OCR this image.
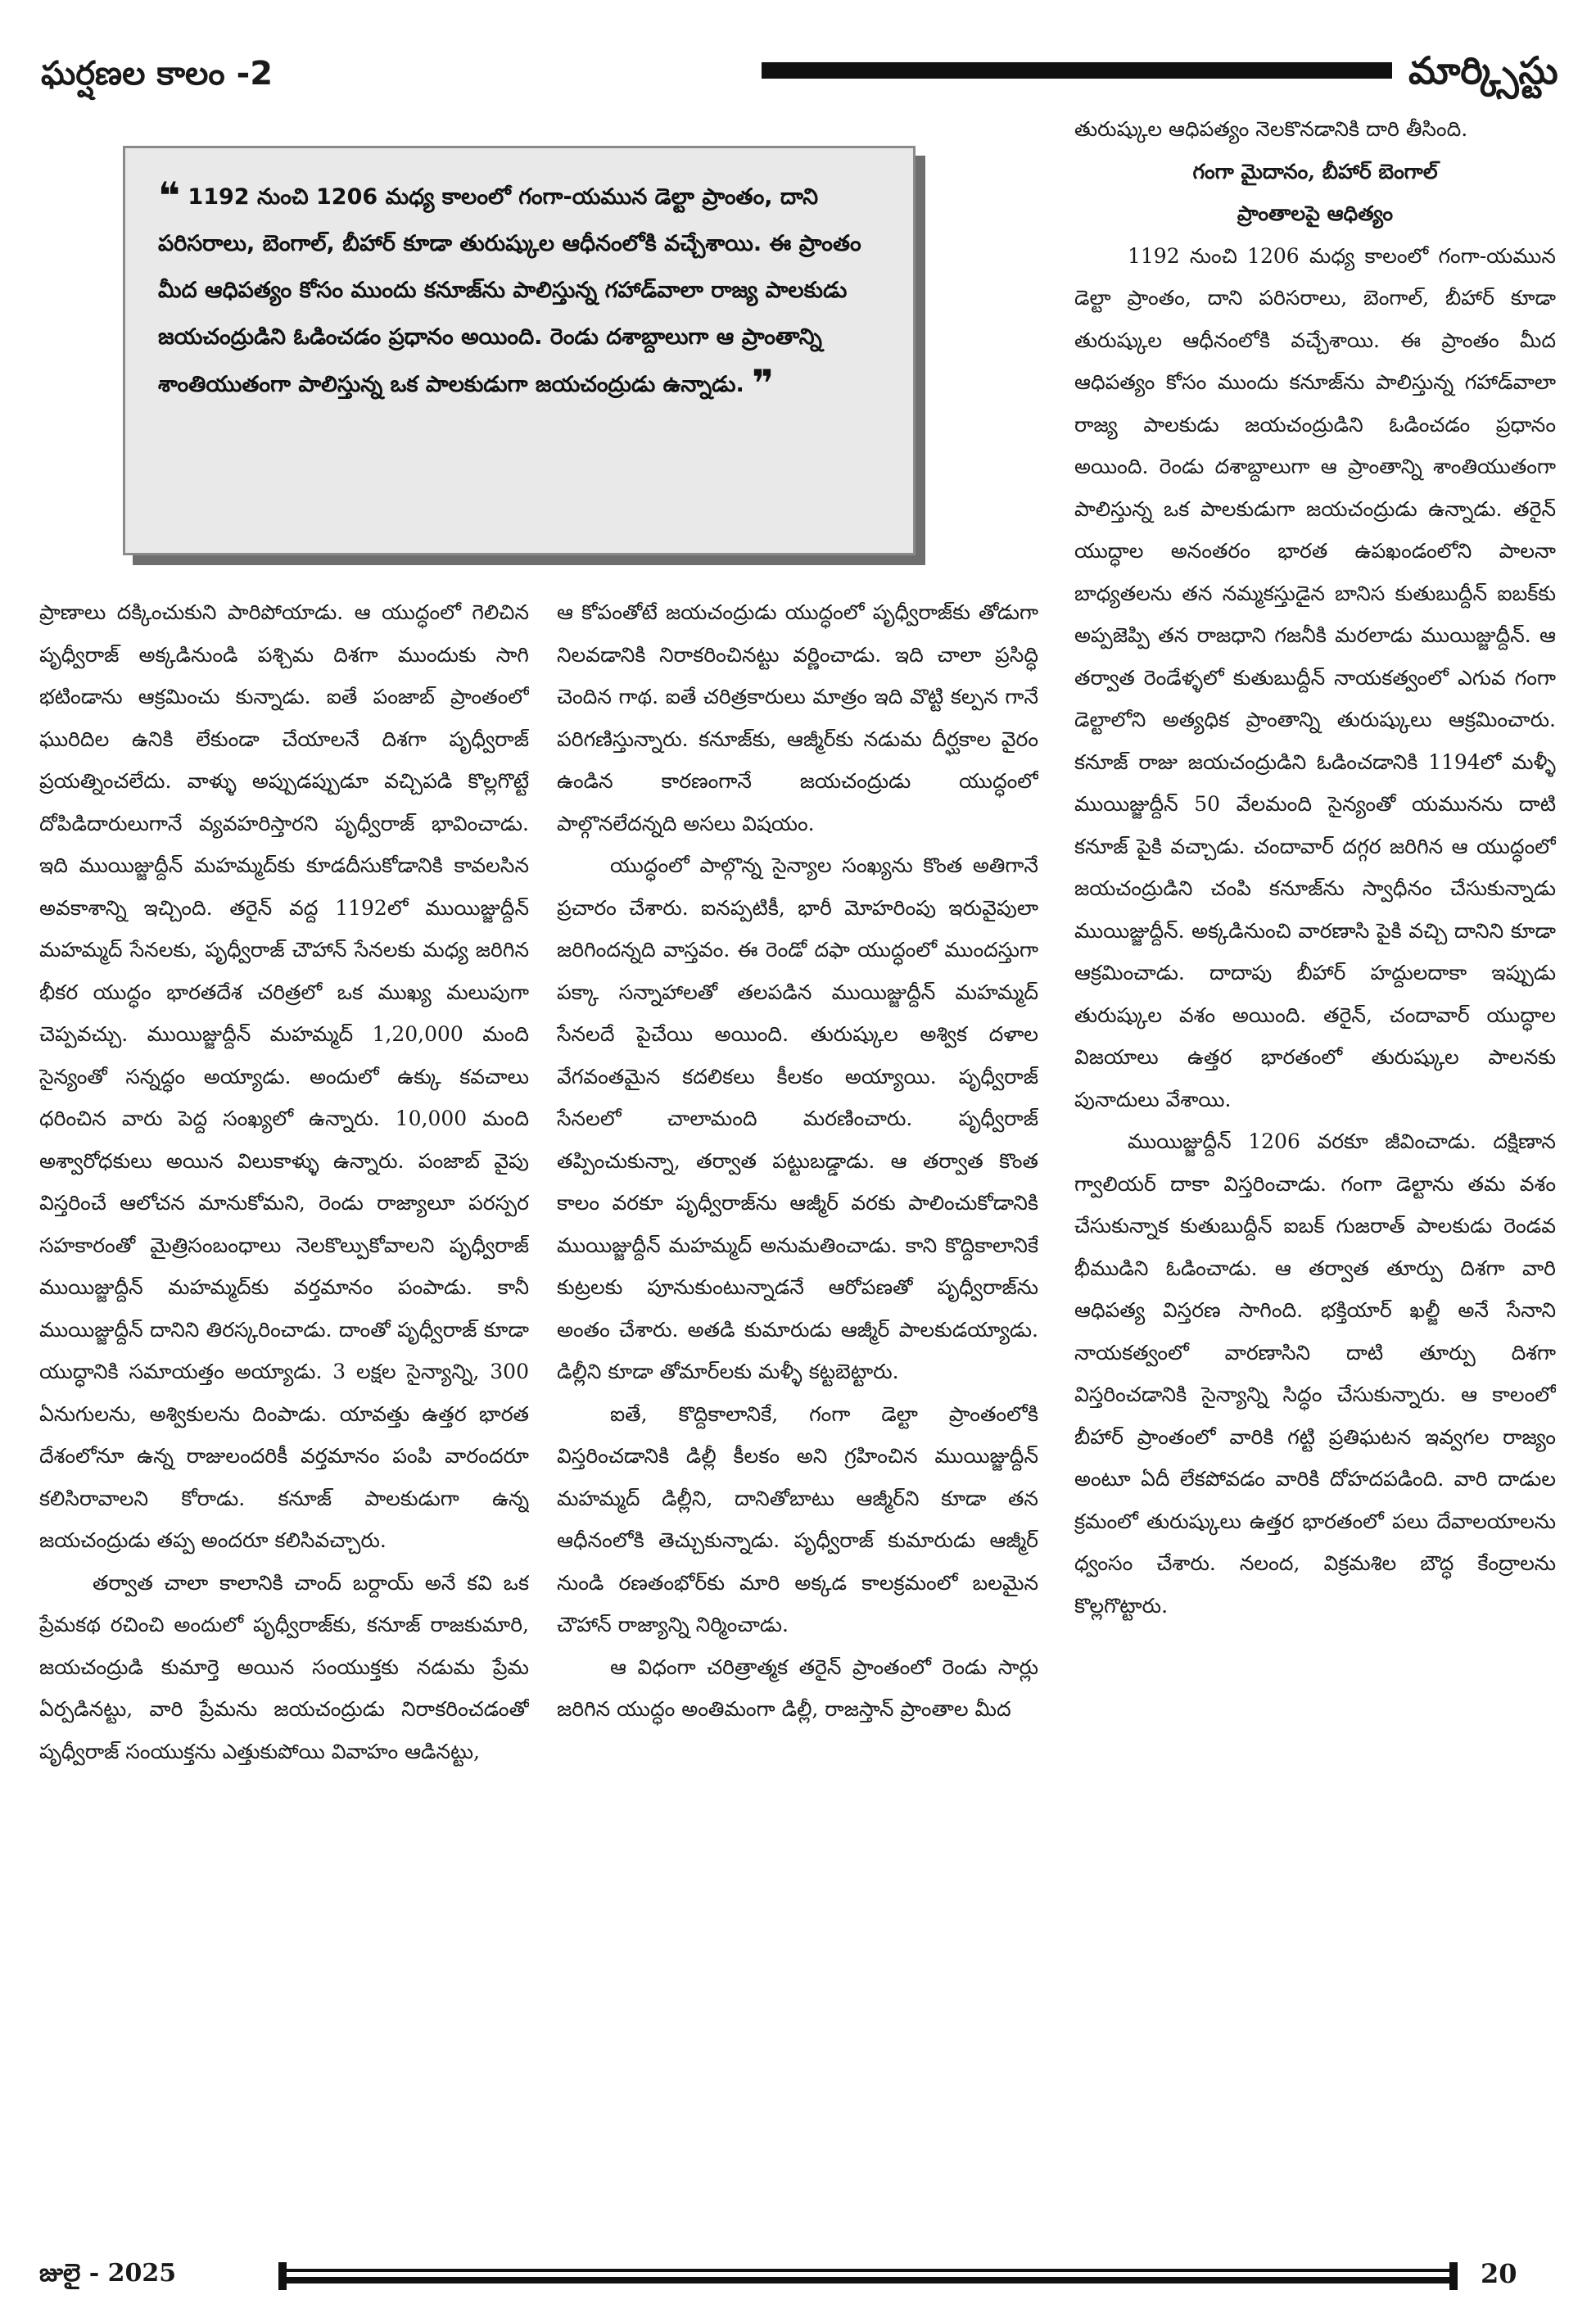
ఘర్షణల కాలం -2	మార్క్సిస్టు
❝ 1192 నుంచి 1206 మధ్య కాలంలో గంగా-యమున డెల్టా ప్రాంతం, దాని పరిసరాలు, బెంగాల్, బీహార్ కూడా తురుష్కుల ఆధీనంలోకి వచ్చేశాయి. ఈ ప్రాంతం మీద ఆధిపత్యం కోసం ముందు కనూజ్‌ను పాలిస్తున్న గహాడ్‌వాలా రాజ్య పాలకుడు జయచంద్రుడిని ఓడించడం ప్రధానం అయింది. రెండు దశాబ్దాలుగా ఆ ప్రాంతాన్ని శాంతియుతంగా పాలిస్తున్న ఒక పాలకుడుగా జయచంద్రుడు ఉన్నాడు. ❞

ప్రాణాలు దక్కించుకుని పారిపోయాడు. ఆ యుద్ధంలో గెలిచిన పృధ్వీరాజ్ అక్కడినుండి పశ్చిమ దిశగా ముందుకు సాగి భటిండాను ఆక్రమించు కున్నాడు. ఐతే పంజాబ్ ప్రాంతంలో ఘురిదిల ఉనికి లేకుండా చేయాలనే దిశగా పృధ్వీరాజ్ ప్రయత్నించలేదు. వాళ్ళు అప్పుడప్పుడూ వచ్చిపడి కొల్లగొట్టే దోపిడిదారులుగానే వ్యవహరిస్తారని పృధ్వీరాజ్ భావించాడు. ఇది ముయిజ్జుద్దీన్ మహమ్మద్‌కు కూడదీసుకోడానికి కావలసిన అవకాశాన్ని ఇచ్చింది. తరైన్ వద్ద 1192లో ముయిజ్జుద్దీన్ మహమ్మద్ సేనలకు, పృధ్వీరాజ్ చౌహాన్ సేనలకు మధ్య జరిగిన భీకర యుద్ధం భారతదేశ చరిత్రలో ఒక ముఖ్య మలుపుగా చెప్పవచ్చు. ముయిజ్జుద్దీన్ మహమ్మద్ 1,20,000 మంది సైన్యంతో సన్నద్ధం అయ్యాడు. అందులో ఉక్కు కవచాలు ధరించిన వారు పెద్ద సంఖ్యలో ఉన్నారు. 10,000 మంది అశ్వారోధకులు అయిన విలుకాళ్ళు ఉన్నారు. పంజాబ్ వైపు విస్తరించే ఆలోచన మానుకోమని, రెండు రాజ్యాలూ పరస్పర సహకారంతో మైత్రిసంబంధాలు నెలకొల్పుకోవాలని పృధ్వీరాజ్ ముయిజ్జుద్దీన్ మహమ్మద్‌కు వర్తమానం పంపాడు. కానీ ముయిజ్జుద్దీన్ దానిని తిరస్కరించాడు. దాంతో పృధ్వీరాజ్ కూడా యుద్ధానికి సమాయత్తం అయ్యాడు. 3 లక్షల సైన్యాన్ని, 300 ఏనుగులను, అశ్వికులను దింపాడు. యావత్తు ఉత్తర భారత దేశంలోనూ ఉన్న రాజులందరికీ వర్తమానం పంపి వారందరూ కలిసిరావాలని కోరాడు. కనూజ్ పాలకుడుగా ఉన్న జయచంద్రుడు తప్ప అందరూ కలిసివచ్చారు.

తర్వాత చాలా కాలానికి చాంద్ బర్దాయ్ అనే కవి ఒక ప్రేమకథ రచించి అందులో పృధ్వీరాజ్‌కు, కనూజ్ రాజకుమారి, జయచంద్రుడి కుమార్తె అయిన సంయుక్తకు నడుమ ప్రేమ ఏర్పడినట్టు, వారి ప్రేమను జయచంద్రుడు నిరాకరించడంతో పృధ్వీరాజ్ సంయుక్తను ఎత్తుకుపోయి వివాహం ఆడినట్టు,

ఆ కోపంతోటే జయచంద్రుడు యుద్ధంలో పృధ్వీరాజ్‌కు తోడుగా నిలవడానికి నిరాకరించినట్టు వర్ణించాడు. ఇది చాలా ప్రసిద్ధి చెందిన గాథ. ఐతే చరిత్రకారులు మాత్రం ఇది వొట్టి కల్పన గానే పరిగణిస్తున్నారు. కనూజ్‌కు, ఆజ్మీర్‌కు నడుమ దీర్ఘకాల వైరం ఉండిన కారణంగానే జయచంద్రుడు యుద్ధంలో పాల్గొనలేదన్నది అసలు విషయం.

యుద్ధంలో పాల్గొన్న సైన్యాల సంఖ్యను కొంత అతిగానే ప్రచారం చేశారు. ఐనప్పటికీ, భారీ మోహరింపు ఇరువైపులా జరిగిందన్నది వాస్తవం. ఈ రెండో దఫా యుద్ధంలో ముందస్తుగా పక్కా సన్నాహాలతో తలపడిన ముయిజ్జుద్దీన్ మహమ్మద్ సేనలదే పైచేయి అయింది. తురుష్కుల అశ్విక దళాల వేగవంతమైన కదలికలు కీలకం అయ్యాయి. పృధ్వీరాజ్ సేనలలో చాలామంది మరణించారు. పృధ్వీరాజ్ తప్పించుకున్నా, తర్వాత పట్టుబడ్డాడు. ఆ తర్వాత కొంత కాలం వరకూ పృధ్వీరాజ్‌ను ఆజ్మీర్ వరకు పాలించుకోడానికి ముయిజ్జుద్దీన్ మహమ్మద్ అనుమతించాడు. కాని కొద్దికాలానికే కుట్రలకు పూనుకుంటున్నాడనే ఆరోపణతో పృధ్వీరాజ్‌ను అంతం చేశారు. అతడి కుమారుడు ఆజ్మీర్ పాలకుడయ్యాడు. డిల్లీని కూడా తోమార్‌లకు మళ్ళీ కట్టబెట్టారు.

ఐతే, కొద్దికాలానికే, గంగా డెల్టా ప్రాంతంలోకి విస్తరించడానికి డిల్లీ కీలకం అని గ్రహించిన ముయిజ్జుద్దీన్ మహమ్మద్ డిల్లీని, దానితోబాటు ఆజ్మీర్‌ని కూడా తన ఆధీనంలోకి తెచ్చుకున్నాడు. పృధ్వీరాజ్ కుమారుడు ఆజ్మీర్ నుండి రణతంభోర్‌కు మారి అక్కడ కాలక్రమంలో బలమైన చౌహాన్ రాజ్యాన్ని నిర్మించాడు.

ఆ విధంగా చరిత్రాత్మక తరైన్ ప్రాంతంలో రెండు సార్లు జరిగిన యుద్ధం అంతిమంగా డిల్లీ, రాజస్తాన్ ప్రాంతాల మీద

తురుష్కుల ఆధిపత్యం నెలకొనడానికి దారి తీసింది.

గంగా మైదానం, బీహార్ బెంగాల్
ప్రాంతాలపై ఆధిత్యం

1192 నుంచి 1206 మధ్య కాలంలో గంగా-యమున డెల్టా ప్రాంతం, దాని పరిసరాలు, బెంగాల్, బీహార్ కూడా తురుష్కుల ఆధీనంలోకి వచ్చేశాయి. ఈ ప్రాంతం మీద ఆధిపత్యం కోసం ముందు కనూజ్‌ను పాలిస్తున్న గహాడ్‌వాలా రాజ్య పాలకుడు జయచంద్రుడిని ఓడించడం ప్రధానం అయింది. రెండు దశాబ్దాలుగా ఆ ప్రాంతాన్ని శాంతియుతంగా పాలిస్తున్న ఒక పాలకుడుగా జయచంద్రుడు ఉన్నాడు. తరైన్ యుద్ధాల అనంతరం భారత ఉపఖండంలోని పాలనా బాధ్యతలను తన నమ్మకస్తుడైన బానిస కుతుబుద్దీన్ ఐబక్‌కు అప్పజెప్పి తన రాజధాని గజనీకి మరలాడు ముయిజ్జుద్దీన్. ఆ తర్వాత రెండేళ్ళలో కుతుబుద్దీన్ నాయకత్వంలో ఎగువ గంగా డెల్టాలోని అత్యధిక ప్రాంతాన్ని తురుష్కులు ఆక్రమించారు. కనూజ్ రాజు జయచంద్రుడిని ఓడించడానికి 1194లో మళ్ళీ ముయిజ్జుద్దీన్ 50 వేలమంది సైన్యంతో యమునను దాటి కనూజ్ పైకి వచ్చాడు. చందావార్ దగ్గర జరిగిన ఆ యుద్ధంలో జయచంద్రుడిని చంపి కనూజ్‌ను స్వాధీనం చేసుకున్నాడు ముయిజ్జుద్దీన్. అక్కడినుంచి వారణాసి పైకి వచ్చి దానిని కూడా ఆక్రమించాడు. దాదాపు బీహార్ హద్దులదాకా ఇప్పుడు తురుష్కుల వశం అయింది. తరైన్, చందావార్ యుద్ధాల విజయాలు ఉత్తర భారతంలో తురుష్కుల పాలనకు పునాదులు వేశాయి.

ముయిజ్జుద్దీన్ 1206 వరకూ జీవించాడు. దక్షిణాన గ్వాలియర్ దాకా విస్తరించాడు. గంగా డెల్టాను తమ వశం చేసుకున్నాక కుతుబుద్దీన్ ఐబక్ గుజరాత్ పాలకుడు రెండవ భీముడిని ఓడించాడు. ఆ తర్వాత తూర్పు దిశగా వారి ఆధిపత్య విస్తరణ సాగింది. భక్తియార్ ఖల్జీ అనే సేనాని నాయకత్వంలో వారణాసిని దాటి తూర్పు దిశగా విస్తరించడానికి సైన్యాన్ని సిద్ధం చేసుకున్నారు. ఆ కాలంలో బీహార్ ప్రాంతంలో వారికి గట్టి ప్రతిఘటన ఇవ్వగల రాజ్యం అంటూ ఏదీ లేకపోవడం వారికి దోహదపడింది. వారి దాడుల క్రమంలో తురుష్కులు ఉత్తర భారతంలో పలు దేవాలయాలను ధ్వంసం చేశారు. నలంద, విక్రమశిల బౌద్ధ కేంద్రాలను కొల్లగొట్టారు.

జులై - 2025	20
